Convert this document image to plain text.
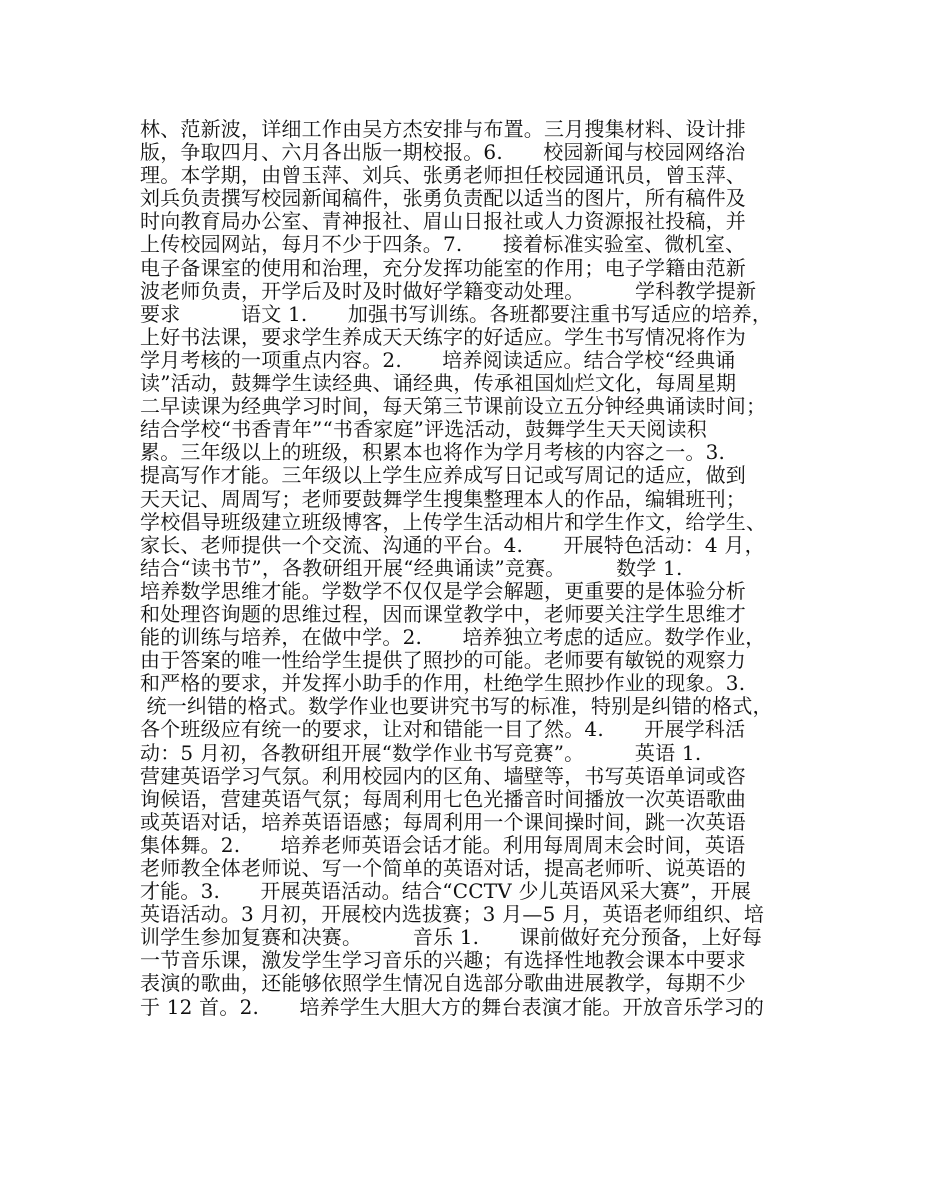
林、范新波，详细工作由吴方杰安排与布置。三月搜集材料、设计排
版，争取四月、六月各出版一期校报。6.　　校园新闻与校园网络治
理。本学期，由曾玉萍、刘兵、张勇老师担任校园通讯员，曾玉萍、
刘兵负责撰写校园新闻稿件，张勇负责配以适当的图片，所有稿件及
时向教育局办公室、青神报社、眉山日报社或人力资源报社投稿，并
上传校园网站，每月不少于四条。7.　　接着标准实验室、微机室、
电子备课室的使用和治理，充分发挥功能室的作用；电子学籍由范新
波老师负责，开学后及时及时做好学籍变动处理。　　　学科教学提新
要求　　　语文 1.　　加强书写训练。各班都要注重书写适应的培养，
上好书法课，要求学生养成天天练字的好适应。学生书写情况将作为
学月考核的一项重点内容。2.　　培养阅读适应。结合学校“经典诵
读”活动，鼓舞学生读经典、诵经典，传承祖国灿烂文化，每周星期
二早读课为经典学习时间，每天第三节课前设立五分钟经典诵读时间；
结合学校“书香青年”“书香家庭”评选活动，鼓舞学生天天阅读积
累。三年级以上的班级，积累本也将作为学月考核的内容之一。3.
提高写作才能。三年级以上学生应养成写日记或写周记的适应，做到
天天记、周周写；老师要鼓舞学生搜集整理本人的作品，编辑班刊；
学校倡导班级建立班级博客，上传学生活动相片和学生作文，给学生、
家长、老师提供一个交流、沟通的平台。4.　　开展特色活动：4 月，
结合“读书节”，各教研组开展“经典诵读”竞赛。　　　数学 1.
培养数学思维才能。学数学不仅仅是学会解题，更重要的是体验分析
和处理咨询题的思维过程，因而课堂教学中，老师要关注学生思维才
能的训练与培养，在做中学。2.　　培养独立考虑的适应。数学作业，
由于答案的唯一性给学生提供了照抄的可能。老师要有敏锐的观察力
和严格的要求，并发挥小助手的作用，杜绝学生照抄作业的现象。3.
统一纠错的格式。数学作业也要讲究书写的标准，特别是纠错的格式，
各个班级应有统一的要求，让对和错能一目了然。4.　　开展学科活
动：5 月初，各教研组开展“数学作业书写竞赛”。　　　英语 1.
营建英语学习气氛。利用校园内的区角、墙壁等，书写英语单词或咨
询候语，营建英语气氛；每周利用七色光播音时间播放一次英语歌曲
或英语对话，培养英语语感；每周利用一个课间操时间，跳一次英语
集体舞。2.　　培养老师英语会话才能。利用每周周末会时间，英语
老师教全体老师说、写一个简单的英语对话，提高老师听、说英语的
才能。3.　　开展英语活动。结合“CCTV 少儿英语风采大赛”，开展
英语活动。3 月初，开展校内选拔赛；3 月—5 月，英语老师组织、培
训学生参加复赛和决赛。　　　音乐 1.　　课前做好充分预备，上好每
一节音乐课，激发学生学习音乐的兴趣；有选择性地教会课本中要求
表演的歌曲，还能够依照学生情况自选部分歌曲进展教学，每期不少
于 12 首。2.　　培养学生大胆大方的舞台表演才能。开放音乐学习的
